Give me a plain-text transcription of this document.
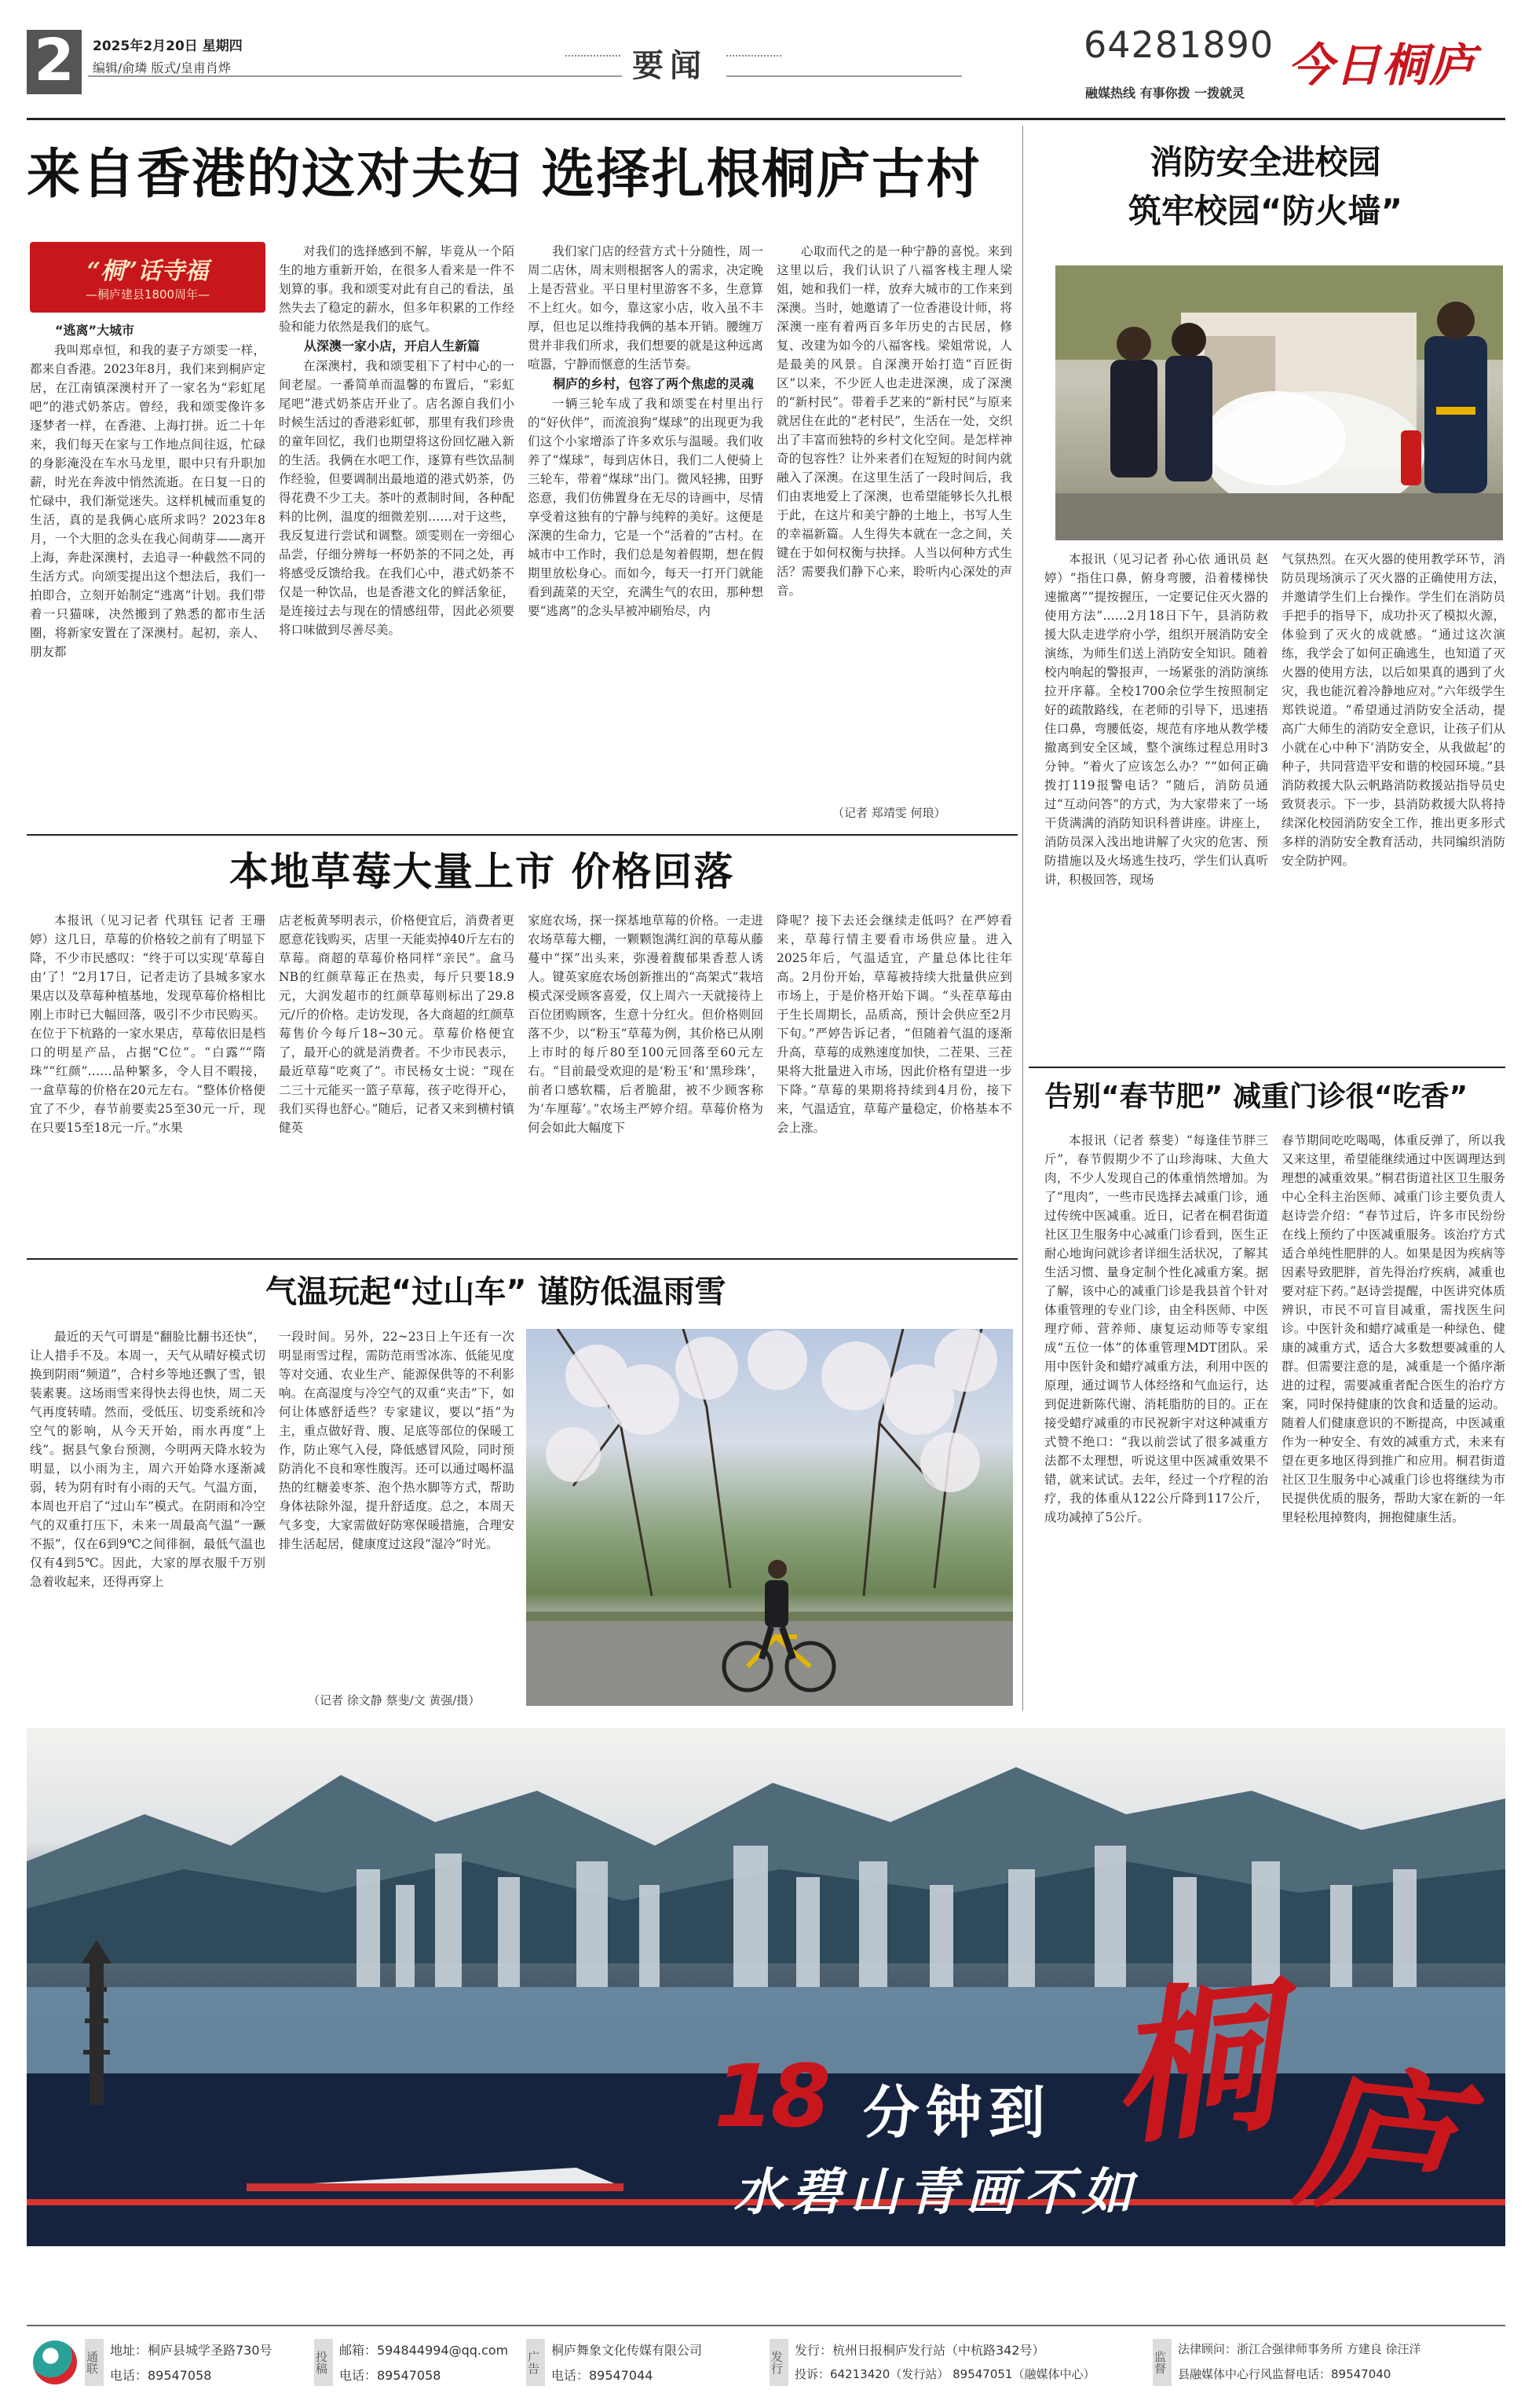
2	2025年2月20日 星期四
编辑/俞璘 版式/皇甫肖烨	要闻	64281890
融媒热线 有事你拨 一拨就灵
今日桐庐
来自香港的这对夫妇 选择扎根桐庐古村
“桐”话寺福
—桐庐建县1800周年—
“逃离”大城市
我叫郑卓恒，和我的妻子方颂雯一样，都来自香港。2023年8月，我们来到桐庐定居，在江南镇深澳村开了一家名为“彩虹尾吧”的港式奶茶店。曾经，我和颂雯像许多逐梦者一样，在香港、上海打拼。近二十年来，我们每天在家与工作地点间往返，忙碌的身影淹没在车水马龙里，眼中只有升职加薪，时光在奔波中悄然流逝。在日复一日的忙碌中，我们渐觉迷失。这样机械而重复的生活，真的是我俩心底所求吗？2023年8月，一个大胆的念头在我心间萌芽——离开上海，奔赴深澳村，去追寻一种截然不同的生活方式。向颂雯提出这个想法后，我们一拍即合，立刻开始制定“逃离”计划。我们带着一只猫咪，决然搬到了熟悉的都市生活圈，将新家安置在了深澳村。起初，亲人、朋友都
对我们的选择感到不解，毕竟从一个陌生的地方重新开始，在很多人看来是一件不划算的事。我和颂雯对此有自己的看法，虽然失去了稳定的薪水，但多年积累的工作经验和能力依然是我们的底气。
从深澳一家小店，开启人生新篇
在深澳村，我和颂雯租下了村中心的一间老屋。一番简单而温馨的布置后，“彩虹尾吧”港式奶茶店开业了。店名源自我们小时候生活过的香港彩虹邨，那里有我们珍贵的童年回忆，我们也期望将这份回忆融入新的生活。我俩在水吧工作，逐算有些饮品制作经验，但要调制出最地道的港式奶茶，仍得花费不少工夫。茶叶的煮制时间，各种配料的比例，温度的细微差别……对于这些，我反复进行尝试和调整。颂雯则在一旁细心品尝，仔细分辨每一杯奶茶的不同之处，再将感受反馈给我。在我们心中，港式奶茶不仅是一种饮品，也是香港文化的鲜活象征，是连接过去与现在的情感纽带，因此必须要将口味做到尽善尽美。
我们家门店的经营方式十分随性，周一周二店休，周末则根据客人的需求，决定晚上是否营业。平日里村里游客不多，生意算不上红火。如今，靠这家小店，收入虽不丰厚，但也足以维持我俩的基本开销。腰缠万贯并非我们所求，我们想要的就是这种远离喧嚣，宁静而惬意的生活节奏。
桐庐的乡村，包容了两个焦虑的灵魂
一辆三轮车成了我和颂雯在村里出行的“好伙伴”，而流浪狗“煤球”的出现更为我们这个小家增添了许多欢乐与温暖。我们收养了“煤球”，每到店休日，我们二人便骑上三轮车，带着“煤球”出门。微风轻拂，田野恣意，我们仿佛置身在无尽的诗画中，尽情享受着这独有的宁静与纯粹的美好。这便是深澳的生命力，它是一个“活着的”古村。在城市中工作时，我们总是匆着假期，想在假期里放松身心。而如今，每天一打开门就能看到蔬菜的天空，充满生气的农田，那种想要“逃离”的念头早被冲刷殆尽，内
心取而代之的是一种宁静的喜悦。来到这里以后，我们认识了八福客栈主理人梁姐，她和我们一样，放弃大城市的工作来到深澳。当时，她邀请了一位香港设计师，将深澳一座有着两百多年历史的古民居，修复、改建为如今的八福客栈。梁姐常说，人是最美的风景。自深澳开始打造“百匠街区”以来，不少匠人也走进深澳，成了深澳的“新村民”。带着手艺来的“新村民”与原来就居住在此的“老村民”，生活在一处，交织出了丰富而独特的乡村文化空间。是怎样神奇的包容性？让外来者们在短短的时间内就融入了深澳。在这里生活了一段时间后，我们由衷地爱上了深澳，也希望能够长久扎根于此，在这片和美宁静的土地上，书写人生的幸福新篇。人生得失本就在一念之间，关键在于如何权衡与抉择。人当以何种方式生活？需要我们静下心来，聆听内心深处的声音。
（记者 郑靖雯 何琅）
本地草莓大量上市 价格回落
本报讯（见习记者 代琪钰 记者 王珊婷）这几日，草莓的价格较之前有了明显下降，不少市民感叹：“终于可以实现‘草莓自由’了！”2月17日，记者走访了县城多家水果店以及草莓种植基地，发现草莓价格相比刚上市时已大幅回落，吸引不少市民购买。在位于下杭路的一家水果店，草莓依旧是档口的明星产品，占据“C位”。“白露”“隋珠”“红颜”……品种繁多，令人目不暇接，一盒草莓的价格在20元左右。“整体价格便宜了不少，春节前要卖25至30元一斤，现在只要15至18元一斤。”水果
店老板黄琴明表示，价格便宜后，消费者更愿意花钱购买，店里一天能卖掉40斤左右的草莓。商超的草莓价格同样“亲民”。盒马NB的红颜草莓正在热卖，每斤只要18.9元，大润发超市的红颜草莓则标出了29.8元/斤的价格。走访发现，各大商超的红颜草莓售价今每斤18~30元。草莓价格便宜了，最开心的就是消费者。不少市民表示，最近草莓“吃爽了”。市民杨女士说：“现在二三十元能买一篮子草莓，孩子吃得开心，我们买得也舒心。”随后，记者又来到横村镇健英
家庭农场，探一探基地草莓的价格。一走进农场草莓大棚，一颗颗饱满红润的草莓从藤蔓中“探”出头来，弥漫着馥郁果香惹人诱人。键英家庭农场创新推出的“高架式”栽培模式深受顾客喜爱，仅上周六一天就接待上百位团购顾客，生意十分红火。但价格则回落不少，以“粉玉”草莓为例，其价格已从刚上市时的每斤80至100元回落至60元左右。“目前最受欢迎的是‘粉玉’和‘黑珍珠’，前者口感软糯，后者脆甜，被不少顾客称为‘车厘莓’。”农场主严婷介绍。草莓价格为何会如此大幅度下
降呢？接下去还会继续走低吗？在严婷看来，草莓行情主要看市场供应量。进入2025年后，气温适宜，产量总体比往年高。2月份开始，草莓被持续大批量供应到市场上，于是价格开始下调。“头茬草莓由于生长周期长，品质高，预计会供应至2月下旬。”严婷告诉记者，“但随着气温的逐渐升高，草莓的成熟速度加快，二茬果、三茬果将大批量进入市场，因此价格有望进一步下降。”草莓的果期将持续到4月份，接下来，气温适宜，草莓产量稳定，价格基本不会上涨。
气温玩起“过山车” 谨防低温雨雪
最近的天气可谓是“翻脸比翻书还快”，让人措手不及。本周一，天气从晴好模式切换到阴雨“频道”，合村乡等地还飘了雪，银装素裹。这场雨雪来得快去得也快，周二天气再度转晴。然而，受低压、切变系统和冷空气的影响，从今天开始，雨水再度“上线”。据县气象台预测，今明两天降水较为明显，以小雨为主，周六开始降水逐渐减弱，转为阴有时有小雨的天气。气温方面，本周也开启了“过山车”模式。在阴雨和冷空气的双重打压下，未来一周最高气温“一蹶不振”，仅在6到9℃之间徘徊，最低气温也仅有4到5℃。因此，大家的厚衣服千万别急着收起来，还得再穿上
一段时间。另外，22~23日上午还有一次明显雨雪过程，需防范雨雪冰冻、低能见度等对交通、农业生产、能源保供等的不利影响。在高湿度与冷空气的双重“夹击”下，如何让体感舒适些？专家建议，要以“捂”为主，重点做好背、腹、足底等部位的保暖工作，防止寒气入侵，降低感冒风险，同时预防消化不良和寒性腹泻。还可以通过喝杯温热的红糖姜枣茶、泡个热水脚等方式，帮助身体祛除外湿，提升舒适度。总之，本周天气多变，大家需做好防寒保暖措施，合理安排生活起居，健康度过这段“湿冷”时光。
（记者 徐文静 蔡斐/文 黄强/摄）
消防安全进校园
筑牢校园“防火墙”
本报讯（见习记者 孙心依 通讯员 赵婷）“指住口鼻，俯身弯腰，沿着楼梯快速撤离”“提按握压，一定要记住灭火器的使用方法”……2月18日下午，县消防救援大队走进学府小学，组织开展消防安全演练，为师生们送上消防安全知识。随着校内响起的警报声，一场紧张的消防演练拉开序幕。全校1700余位学生按照制定好的疏散路线，在老师的引导下，迅速捂住口鼻，弯腰低姿，规范有序地从教学楼撤离到安全区域，整个演练过程总用时3分钟。“着火了应该怎么办？”“如何正确拨打119报警电话？”随后，消防员通过“互动问答”的方式，为大家带来了一场干货满满的消防知识科普讲座。讲座上，消防员深入浅出地讲解了火灾的危害、预防措施以及火场逃生技巧，学生们认真听讲，积极回答，现场
气氛热烈。在灭火器的使用教学环节，消防员现场演示了灭火器的正确使用方法，并邀请学生们上台操作。学生们在消防员手把手的指导下，成功扑灭了模拟火源，体验到了灭火的成就感。“通过这次演练，我学会了如何正确逃生，也知道了灭火器的使用方法，以后如果真的遇到了火灾，我也能沉着冷静地应对。”六年级学生郑铁说道。“希望通过消防安全活动，提高广大师生的消防安全意识，让孩子们从小就在心中种下‘消防安全，从我做起’的种子，共同营造平安和谐的校园环境。”县消防救援大队云帆路消防救援站指导员史致贤表示。下一步，县消防救援大队将持续深化校园消防安全工作，推出更多形式多样的消防安全教育活动，共同编织消防安全防护网。
告别“春节肥” 减重门诊很“吃香”
本报讯（记者 蔡斐）“每逢佳节胖三斤”，春节假期少不了山珍海味、大鱼大肉，不少人发现自己的体重悄然增加。为了“甩肉”，一些市民选择去减重门诊，通过传统中医减重。近日，记者在桐君街道社区卫生服务中心减重门诊看到，医生正耐心地询问就诊者详细生活状况，了解其生活习惯、量身定制个性化减重方案。据了解，该中心的减重门诊是我县首个针对体重管理的专业门诊，由全科医师、中医理疗师、营养师、康复运动师等专家组成“五位一体”的体重管理MDT团队。采用中医针灸和蜡疗减重方法，利用中医的原理，通过调节人体经络和气血运行，达到促进新陈代谢、消耗脂肪的目的。正在接受蜡疗减重的市民祝新宇对这种减重方式赞不绝口：“我以前尝试了很多减重方法都不太理想，听说这里中医减重效果不错，就来试试。去年，经过一个疗程的治疗，我的体重从122公斤降到117公斤，成功减掉了5公斤。
春节期间吃吃喝喝，体重反弹了，所以我又来这里，希望能继续通过中医调理达到理想的减重效果。”桐君街道社区卫生服务中心全科主治医师、减重门诊主要负责人赵诗尝介绍：“春节过后，许多市民纷纷在线上预约了中医减重服务。该治疗方式适合单纯性肥胖的人。如果是因为疾病等因素导致肥胖，首先得治疗疾病，减重也要对症下药。”赵诗尝提醒，中医讲究体质辨识，市民不可盲目减重，需找医生问诊。中医针灸和蜡疗减重是一种绿色、健康的减重方式，适合大多数想要减重的人群。但需要注意的是，减重是一个循序渐进的过程，需要减重者配合医生的治疗方案，同时保持健康的饮食和适量的运动。随着人们健康意识的不断提高，中医减重作为一种安全、有效的减重方式，未来有望在更多地区得到推广和应用。桐君街道社区卫生服务中心减重门诊也将继续为市民提供优质的服务，帮助大家在新的一年里轻松甩掉赘肉，拥抱健康生活。
18 分钟到 桐 庐
水碧山青画不如
通联
地址：桐庐县城学圣路730号
电话：89547058
投稿
邮箱：594844994@qq.com
电话：89547058
广告
桐庐舞象文化传媒有限公司
电话：89547044
发行
发行：杭州日报桐庐发行站（中杭路342号）
投诉：64213420（发行站） 89547051（融媒体中心）	监督
法律顾问：浙江合强律师事务所 方建良 徐汪洋
县融媒体中心行风监督电话：89547040
